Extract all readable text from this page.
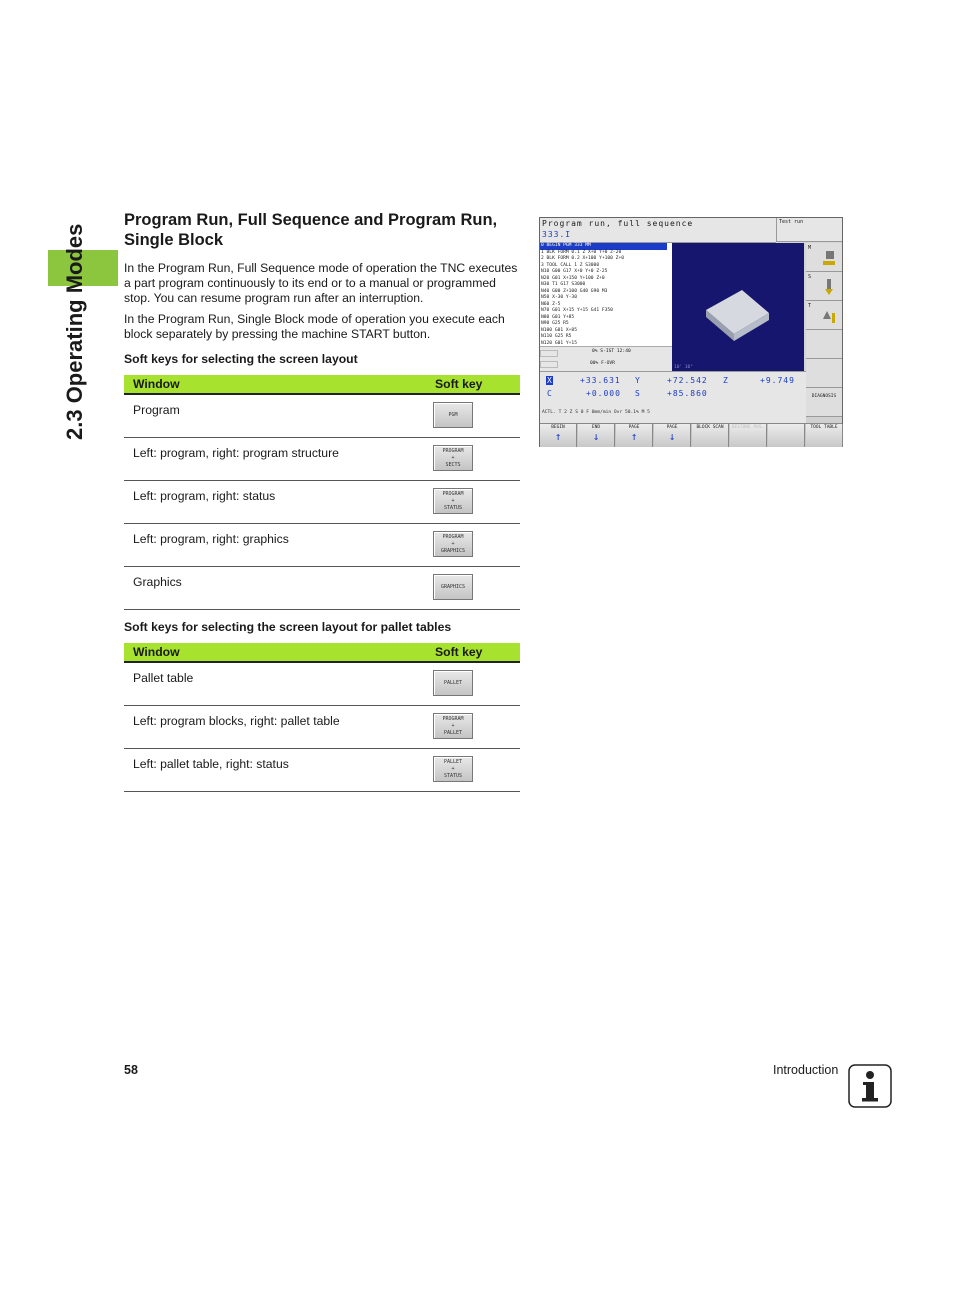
2.3 Operating Modes
Program Run, Full Sequence and Program Run, Single Block

In the Program Run, Full Sequence mode of operation the TNC executes a part program continuously to its end or to a manual or programmed stop. You can resume program run after an interruption.

In the Program Run, Single Block mode of operation you execute each block separately by pressing the machine START button.

Soft keys for selecting the screen layout
Window	Soft key
Program	PGM

Left: program, right: program structure	PROGRAM
+
SECTS

Left: program, right: status	PROGRAM
+
STATUS

Left: program, right: graphics	PROGRAM
+
GRAPHICS

Graphics	GRAPHICS
Soft keys for selecting the screen layout for pallet tables
Window	Soft key
Pallet table	PALLET

Left: program blocks, right: pallet table	PROGRAM
+
PALLET

Left: pallet table, right: status	PALLET
+
STATUS
Program run, full sequence
333.I
Test run
0 BEGIN PGM 333 MM
1 BLK FORM 0.1 Z X+0 Y+0 Z-20
2 BLK FORM 0.2 X+100 Y+100 Z+0
3 TOOL CALL 1 Z S3000
N10 G00 G17 X+0 Y+0 Z-25
N20 G01 X+150 Y+100 Z+0
N30 T1 G17 S3000
N40 G00 Z+100 G40 G90 M3
N50 X-30 Y-30
N60 Z-5
N70 G01 X+15 Y+15 G41 F350
N80 G01 Y+85
N90 G25 R5
N100 G01 X+85
N110 G25 R5
N120 G01 Y+15
0% S-IST 12:40
00% F-OVR
10' 10"
M
S
T
DIAGNOSIS
X	+33.631 Y	+72.542 Z	+9.749
C	+0.000 S	+85.860
ACTL. T 2 Z S 0 F 0mm/min Ovr 50.1% M 5
BEGIN
↑
END
↓
PAGE
↑
PAGE
↓
BLOCK SCAN	RESTORE POS.	TOOL TABLE
58	Introduction
